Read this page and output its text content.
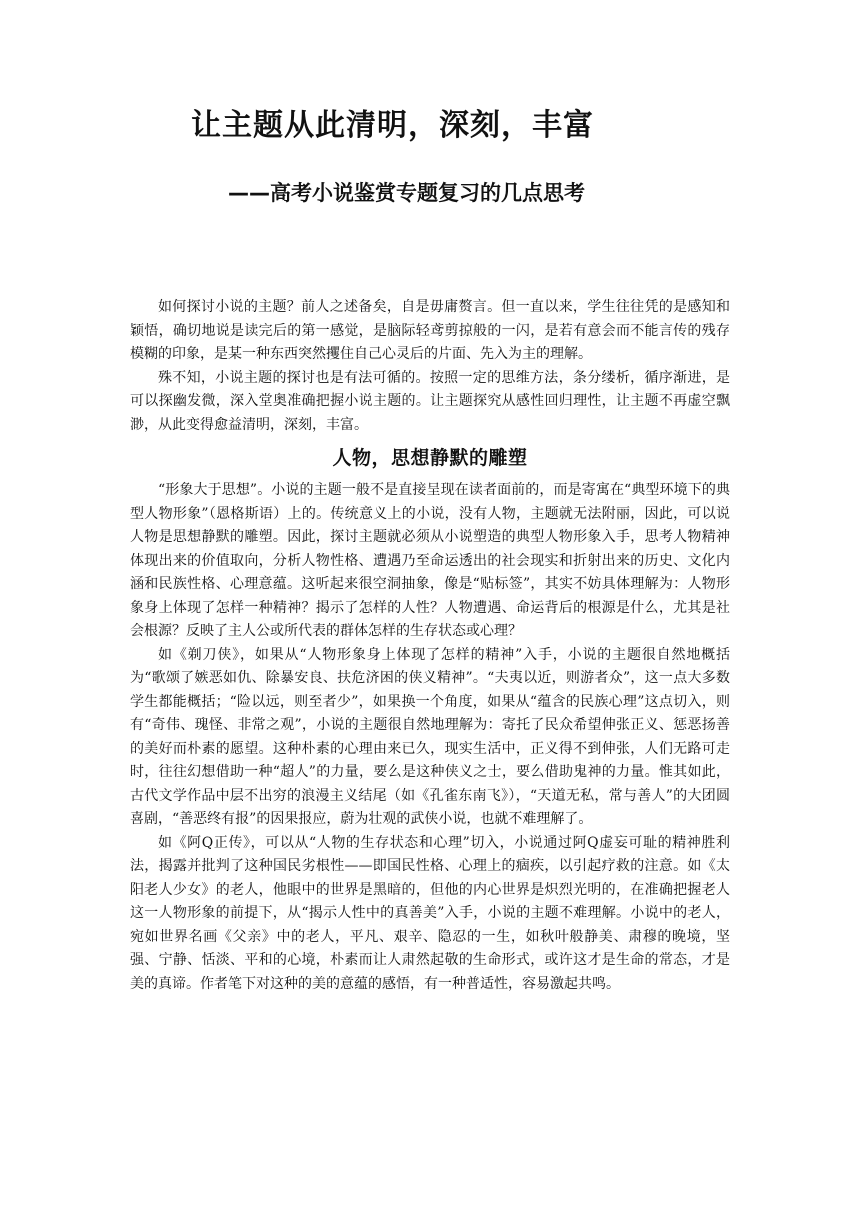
让主题从此清明，深刻，丰富
——高考小说鉴赏专题复习的几点思考

如何探讨小说的主题？前人之述备矣，自是毋庸赘言。但一直以来，学生往往凭的是感知和颖悟，确切地说是读完后的第一感觉，是脑际轻鸢剪掠般的一闪，是若有意会而不能言传的残存模糊的印象，是某一种东西突然攫住自己心灵后的片面、先入为主的理解。

殊不知，小说主题的探讨也是有法可循的。按照一定的思维方法，条分缕析，循序渐进，是可以探幽发微，深入堂奥准确把握小说主题的。让主题探究从感性回归理性，让主题不再虚空飘渺，从此变得愈益清明，深刻，丰富。

人物，思想静默的雕塑

“形象大于思想”。小说的主题一般不是直接呈现在读者面前的，而是寄寓在“典型环境下的典型人物形象”（恩格斯语）上的。传统意义上的小说，没有人物，主题就无法附丽，因此，可以说人物是思想静默的雕塑。因此，探讨主题就必须从小说塑造的典型人物形象入手，思考人物精神体现出来的价值取向，分析人物性格、遭遇乃至命运透出的社会现实和折射出来的历史、文化内涵和民族性格、心理意蕴。这听起来很空洞抽象，像是“贴标签”，其实不妨具体理解为：人物形象身上体现了怎样一种精神？揭示了怎样的人性？人物遭遇、命运背后的根源是什么，尤其是社会根源？反映了主人公或所代表的群体怎样的生存状态或心理？

如《剃刀侠》，如果从“人物形象身上体现了怎样的精神”入手，小说的主题很自然地概括为“歌颂了嫉恶如仇、除暴安良、扶危济困的侠义精神”。“夫夷以近，则游者众”，这一点大多数学生都能概括；“险以远，则至者少”，如果换一个角度，如果从“蕴含的民族心理”这点切入，则有“奇伟、瑰怪、非常之观”，小说的主题很自然地理解为：寄托了民众希望伸张正义、惩恶扬善的美好而朴素的愿望。这种朴素的心理由来已久，现实生活中，正义得不到伸张，人们无路可走时，往往幻想借助一种“超人”的力量，要么是这种侠义之士，要么借助鬼神的力量。惟其如此，古代文学作品中层不出穷的浪漫主义结尾（如《孔雀东南飞》），“天道无私，常与善人”的大团圆喜剧，“善恶终有报”的因果报应，蔚为壮观的武侠小说，也就不难理解了。

如《阿Q正传》，可以从“人物的生存状态和心理”切入，小说通过阿Q虚妄可耻的精神胜利法，揭露并批判了这种国民劣根性——即国民性格、心理上的痼疾，以引起疗救的注意。如《太阳老人少女》的老人，他眼中的世界是黑暗的，但他的内心世界是炽烈光明的，在准确把握老人这一人物形象的前提下，从“揭示人性中的真善美”入手，小说的主题不难理解。小说中的老人，宛如世界名画《父亲》中的老人，平凡、艰辛、隐忍的一生，如秋叶般静美、肃穆的晚境，坚强、宁静、恬淡、平和的心境，朴素而让人肃然起敬的生命形式，或许这才是生命的常态，才是美的真谛。作者笔下对这种的美的意蕴的感悟，有一种普适性，容易激起共鸣。
